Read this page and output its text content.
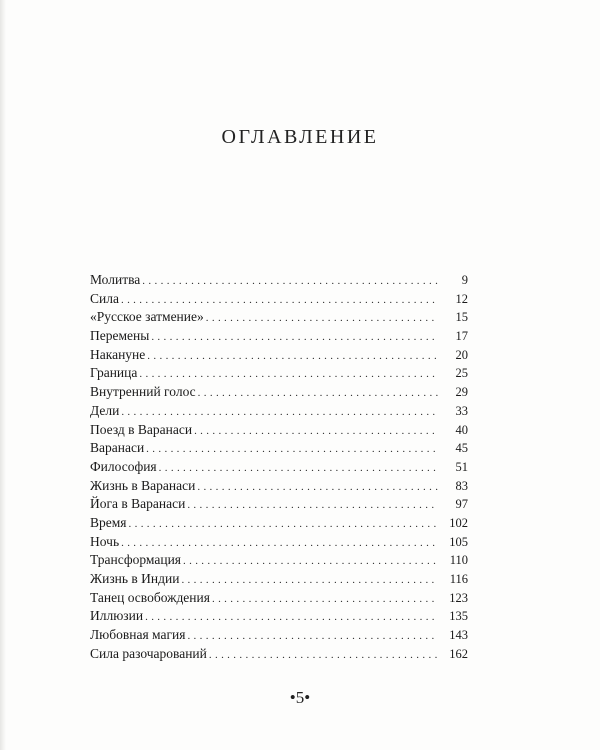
ОГЛАВЛЕНИЕ
Молитва . . .	9
Сила . . .	12
«Русское затмение» . . .	15
Перемены . . .	17
Накануне . . .	20
Граница . . .	25
Внутренний голос . . .	29
Дели . . .	33
Поезд в Варанаси . . .	40
Варанаси . . .	45
Философия . . .	51
Жизнь в Варанаси . . .	83
Йога в Варанаси . . .	97
Время . . .	102
Ночь . . .	105
Трансформация . . .	110
Жизнь в Индии . . .	116
Танец освобождения . . .	123
Иллюзии . . .	135
Любовная магия . . .	143
Сила разочарований . . .	162
•5•
